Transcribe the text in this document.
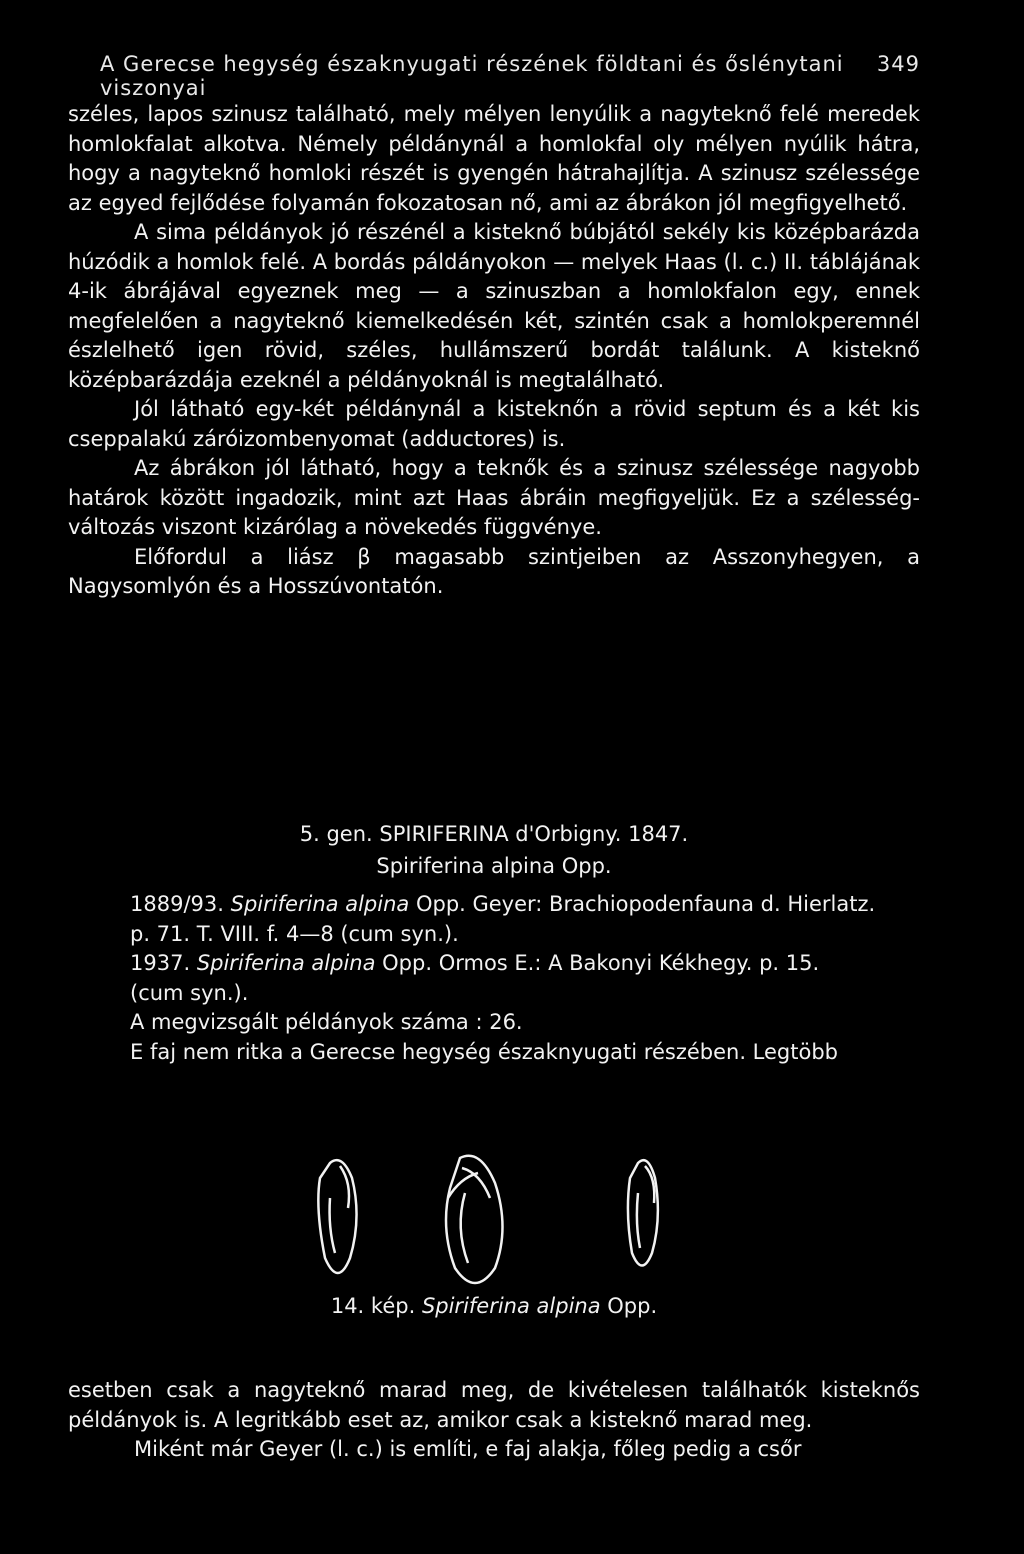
A Gerecse hegység északnyugati részének földtani és őslénytani viszonyai
349

széles, lapos szinusz található, mely mélyen lenyúlik a nagyteknő felé meredek homlokfalat alkotva. Némely példánynál a homlokfal oly mélyen nyúlik hátra, hogy a nagyteknő homloki részét is gyengén hátrahajlítja. A szinusz szélessége az egyed fejlődése folyamán fokozatosan nő, ami az ábrákon jól megfigyelhető.

A sima példányok jó részénél a kisteknő búbjától sekély kis középbarázda húzódik a homlok felé. A bordás páldányokon — melyek Haas (l. c.) II. táblájának 4-ik ábrájával egyeznek meg — a szinuszban a homlokfalon egy, ennek megfelelően a nagyteknő kiemelkedésén két, szintén csak a homlokperemnél észlelhető igen rövid, széles, hullámszerű bordát találunk. A kisteknő középbarázdája ezeknél a példányoknál is megtalálható.

Jól látható egy-két példánynál a kisteknőn a rövid septum és a két kis cseppalakú záróizombenyomat (adductores) is.

Az ábrákon jól látható, hogy a teknők és a szinusz szélessége nagyobb határok között ingadozik, mint azt Haas ábráin megfigyeljük. Ez a szélesség-változás viszont kizárólag a növekedés függvénye.

Előfordul a liász β magasabb szintjeiben az Asszonyhegyen, a Nagysomlyón és a Hosszúvontatón.

5. gen. SPIRIFERINA d'Orbigny. 1847.
Spiriferina alpina Opp.

1889/93. Spiriferina alpina Opp. Geyer: Brachiopodenfauna d. Hierlatz.

p. 71. T. VIII. f. 4—8 (cum syn.).

1937. Spiriferina alpina Opp. Ormos E.: A Bakonyi Kékhegy. p. 15.

(cum syn.).

A megvizsgált példányok száma : 26.

E faj nem ritka a Gerecse hegység északnyugati részében. Legtöbb

14. kép. Spiriferina alpina Opp.

esetben csak a nagyteknő marad meg, de kivételesen találhatók kisteknős példányok is. A legritkább eset az, amikor csak a kisteknő marad meg.

Miként már Geyer (l. c.) is említi, e faj alakja, főleg pedig a csőr
